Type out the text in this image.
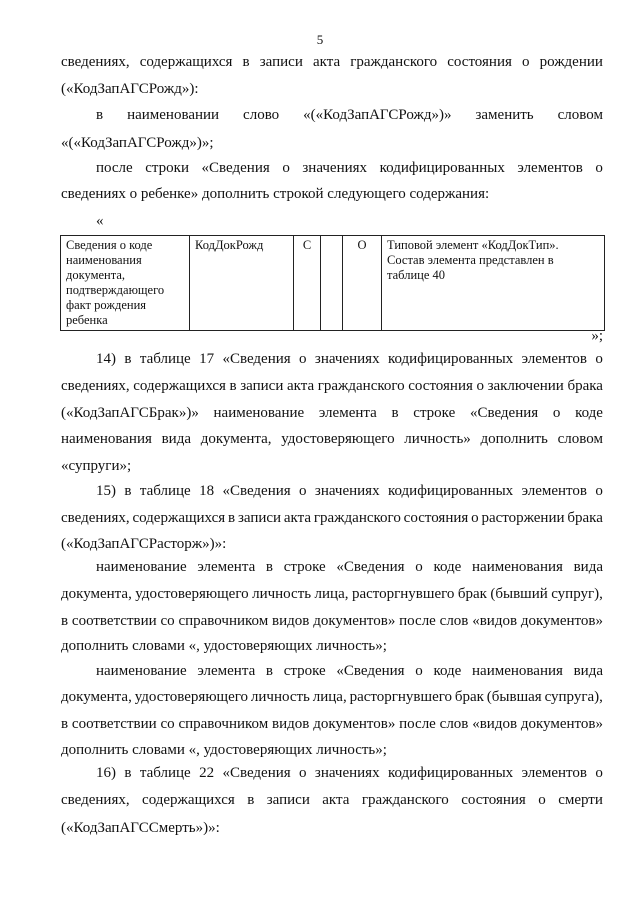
5
сведениях, содержащихся в записи акта гражданского состояния о рождении
(«КодЗапАГСРожд»):
в наименовании слово «(«КодЗапАГСРожд»)» заменить словом
«(«КодЗапАГСРожд»)»;
после строки «Сведения о значениях кодифицированных элементов о
сведениях о ребенке» дополнить строкой следующего содержания:
«
»;
14) в таблице 17 «Сведения о значениях кодифицированных элементов о
сведениях, содержащихся в записи акта гражданского состояния о заключении брака
(«КодЗапАГСБрак»)» наименование элемента в строке «Сведения о коде
наименования вида документа, удостоверяющего личность» дополнить словом
«супруги»;
15) в таблице 18 «Сведения о значениях кодифицированных элементов о
сведениях, содержащихся в записи акта гражданского состояния о расторжении брака
(«КодЗапАГСРасторж»)»:
наименование элемента в строке «Сведения о коде наименования вида
документа, удостоверяющего личность лица, расторгнувшего брак (бывший супруг),
в соответствии со справочником видов документов» после слов «видов документов»
дополнить словами «, удостоверяющих личность»;
наименование элемента в строке «Сведения о коде наименования вида
документа, удостоверяющего личность лица, расторгнувшего брак (бывшая супруга),
в соответствии со справочником видов документов» после слов «видов документов»
дополнить словами «, удостоверяющих личность»;
16) в таблице 22 «Сведения о значениях кодифицированных элементов о
сведениях, содержащихся в записи акта гражданского состояния о смерти
(«КодЗапАГССмерть»)»:
Сведения о коде
наименования
документа,
подтверждающего
факт рождения
ребенка
	КодДокРожд	С		О	Типовой элемент «КодДокТип».
Состав элемента представлен в
таблице 40
